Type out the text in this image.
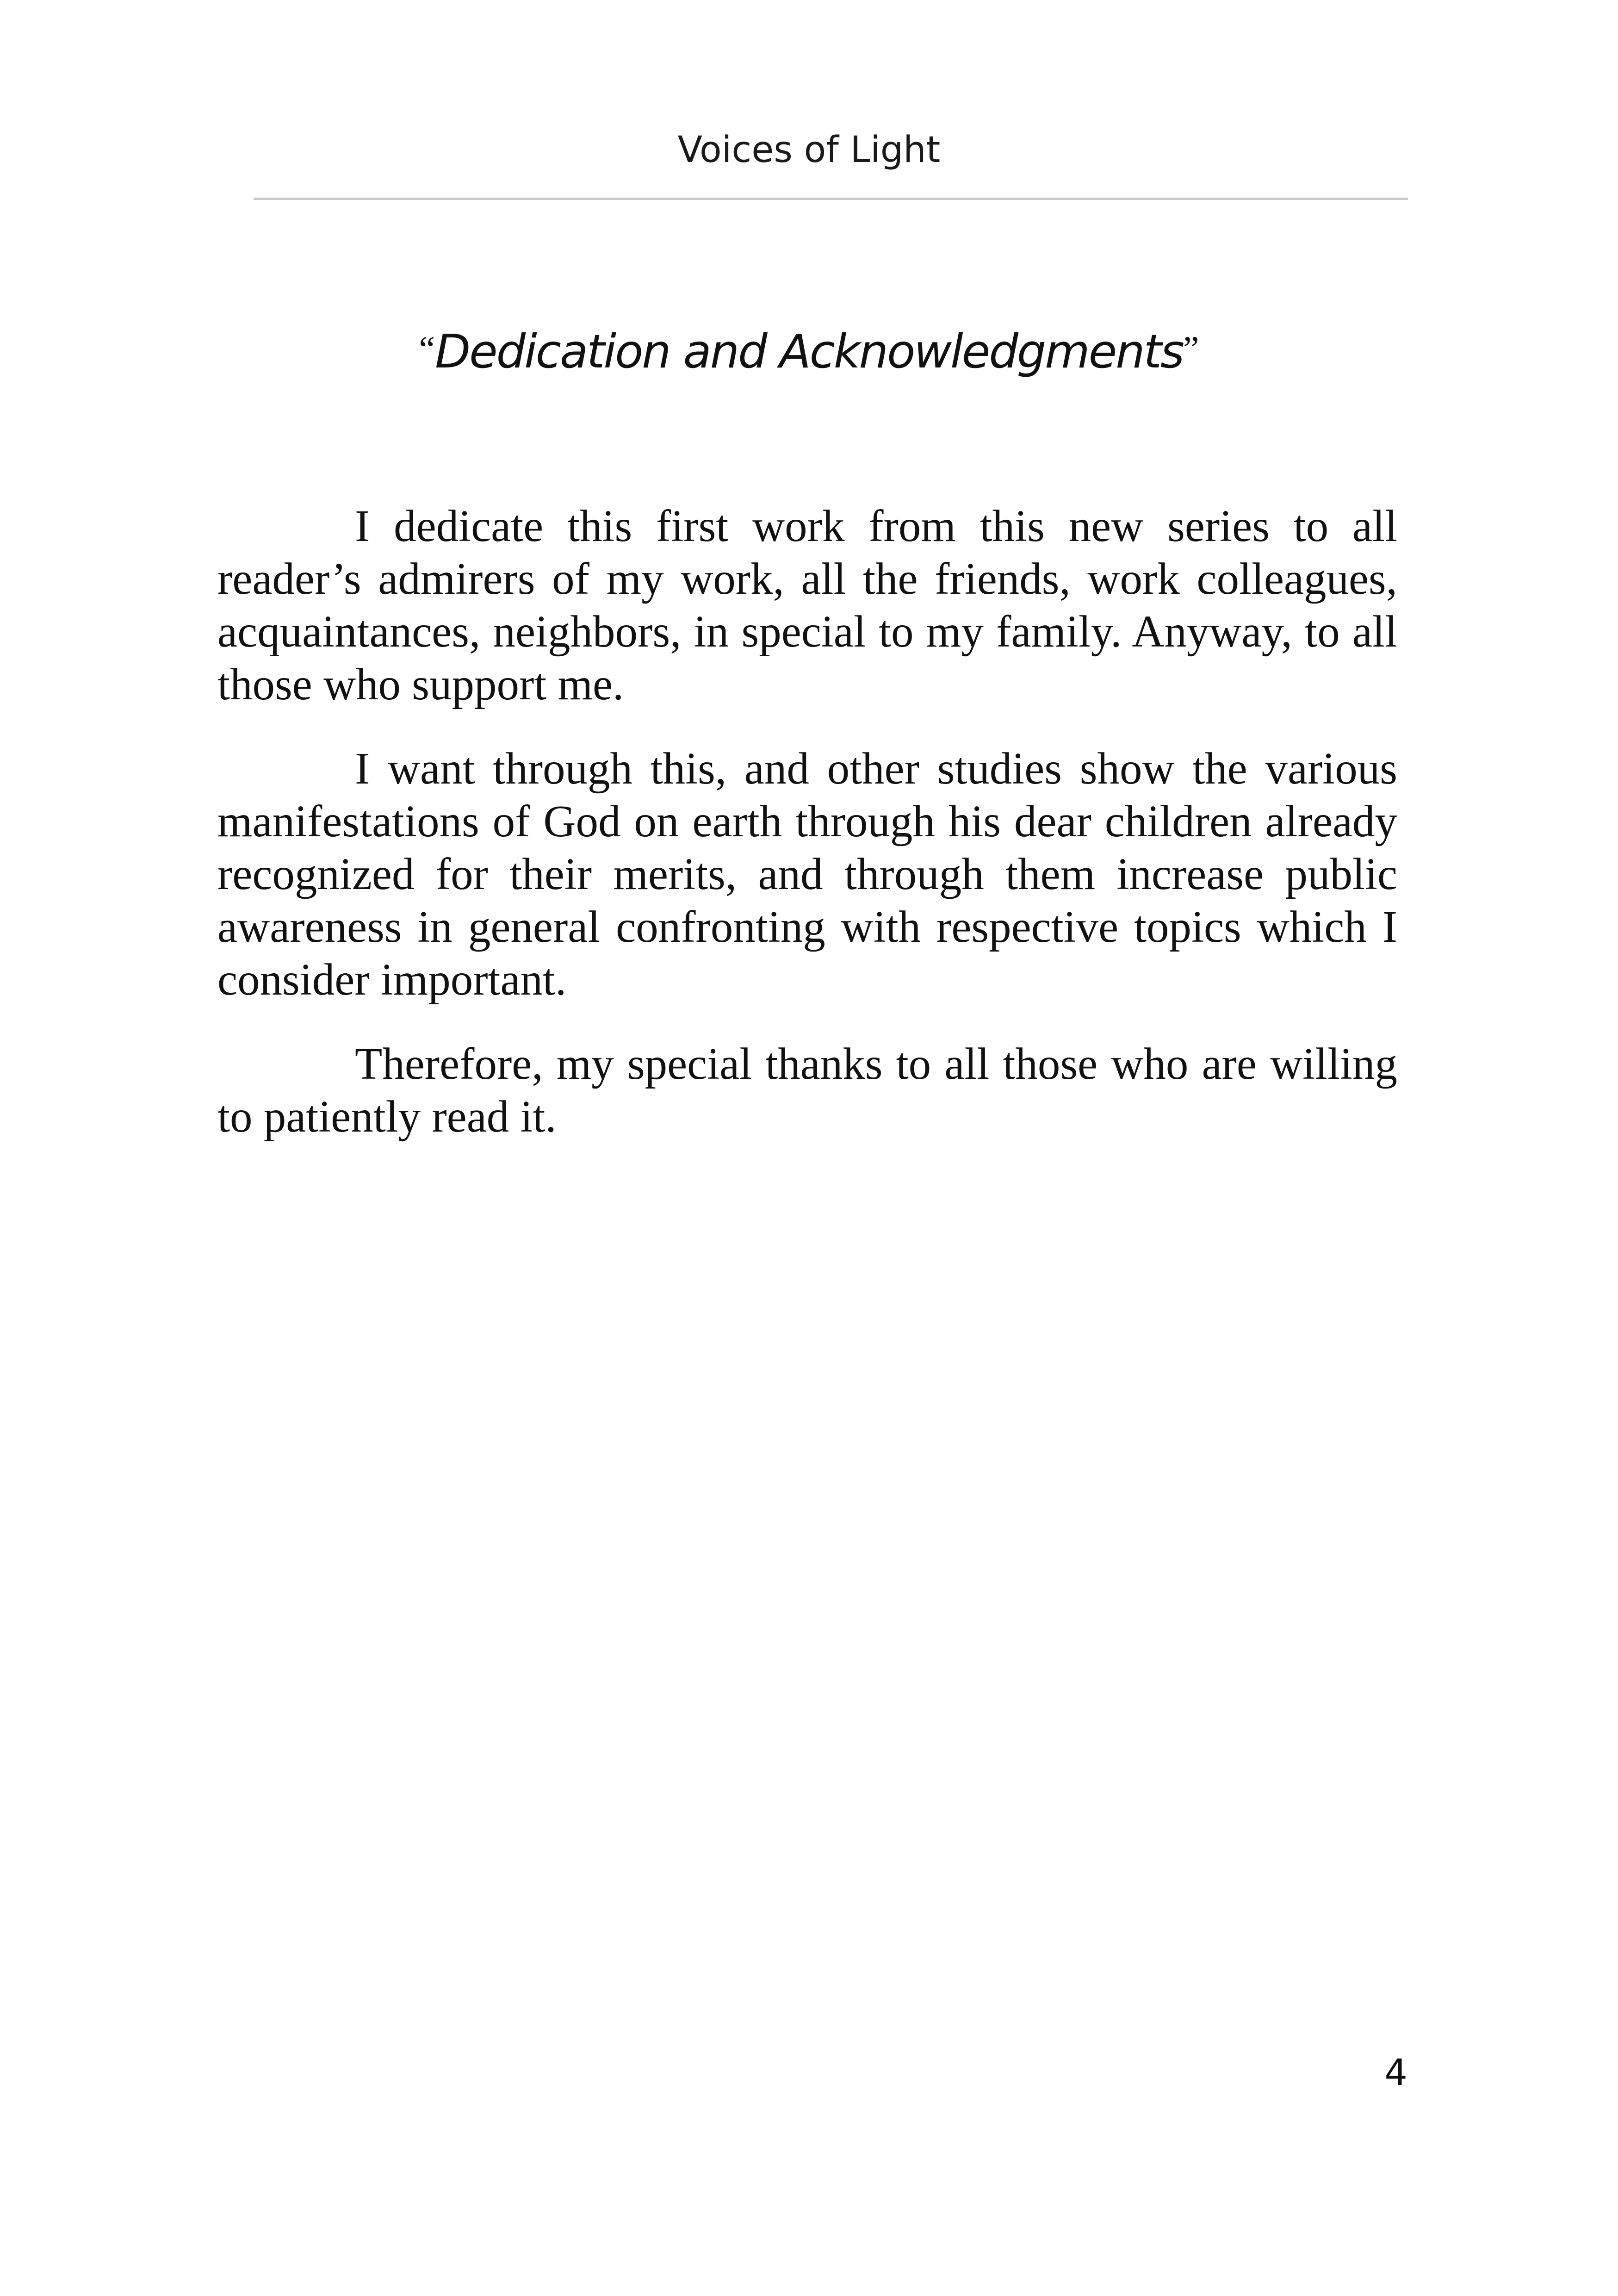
Voices of Light
“Dedication and Acknowledgments”

I dedicate this first work from this new series to all reader’s admirers of my work, all the friends, work colleagues, acquaintances, neighbors, in special to my family. Anyway, to all those who support me.

I want through this, and other studies show the various manifestations of God on earth through his dear children already recognized for their merits, and through them increase public awareness in general confronting with respective topics which I consider important.

Therefore, my special thanks to all those who are willing to patiently read it.

4
